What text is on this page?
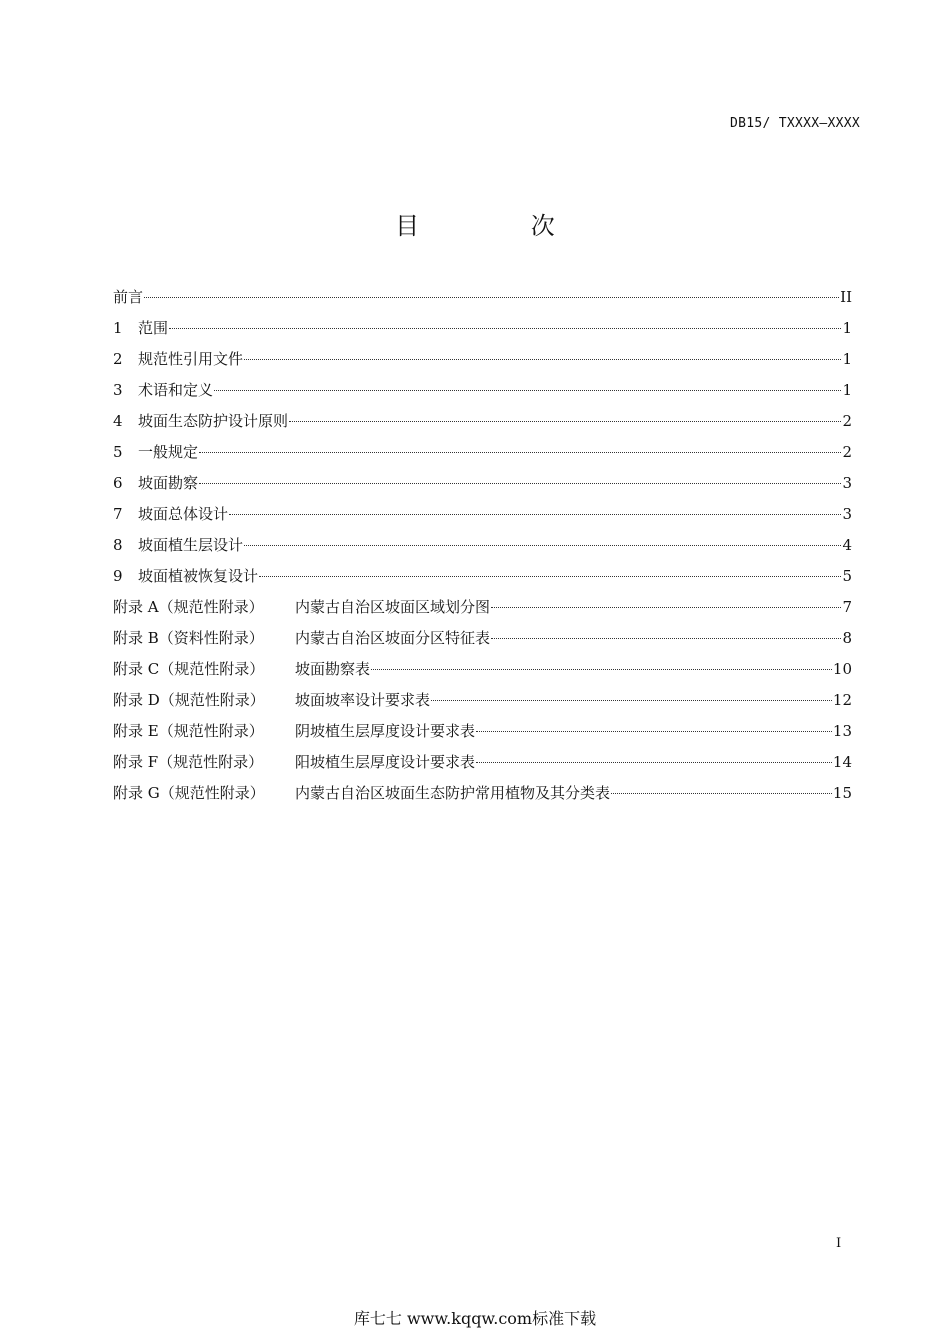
DB15/ TXXXX—XXXX
目 次
前言	II
1	范围	1
2	规范性引用文件	1
3	术语和定义	1
4	坡面生态防护设计原则	2
5	一般规定	2
6	坡面勘察	3
7	坡面总体设计	3
8	坡面植生层设计	4
9	坡面植被恢复设计	5
附录 A（规范性附录）	内蒙古自治区坡面区域划分图	7
附录 B（资料性附录）	内蒙古自治区坡面分区特征表	8
附录 C（规范性附录）	坡面勘察表	10
附录 D（规范性附录）	坡面坡率设计要求表	12
附录 E（规范性附录）	阴坡植生层厚度设计要求表	13
附录 F（规范性附录）	阳坡植生层厚度设计要求表	14
附录 G（规范性附录）	内蒙古自治区坡面生态防护常用植物及其分类表	15
I
库七七 www.kqqw.com标准下载
